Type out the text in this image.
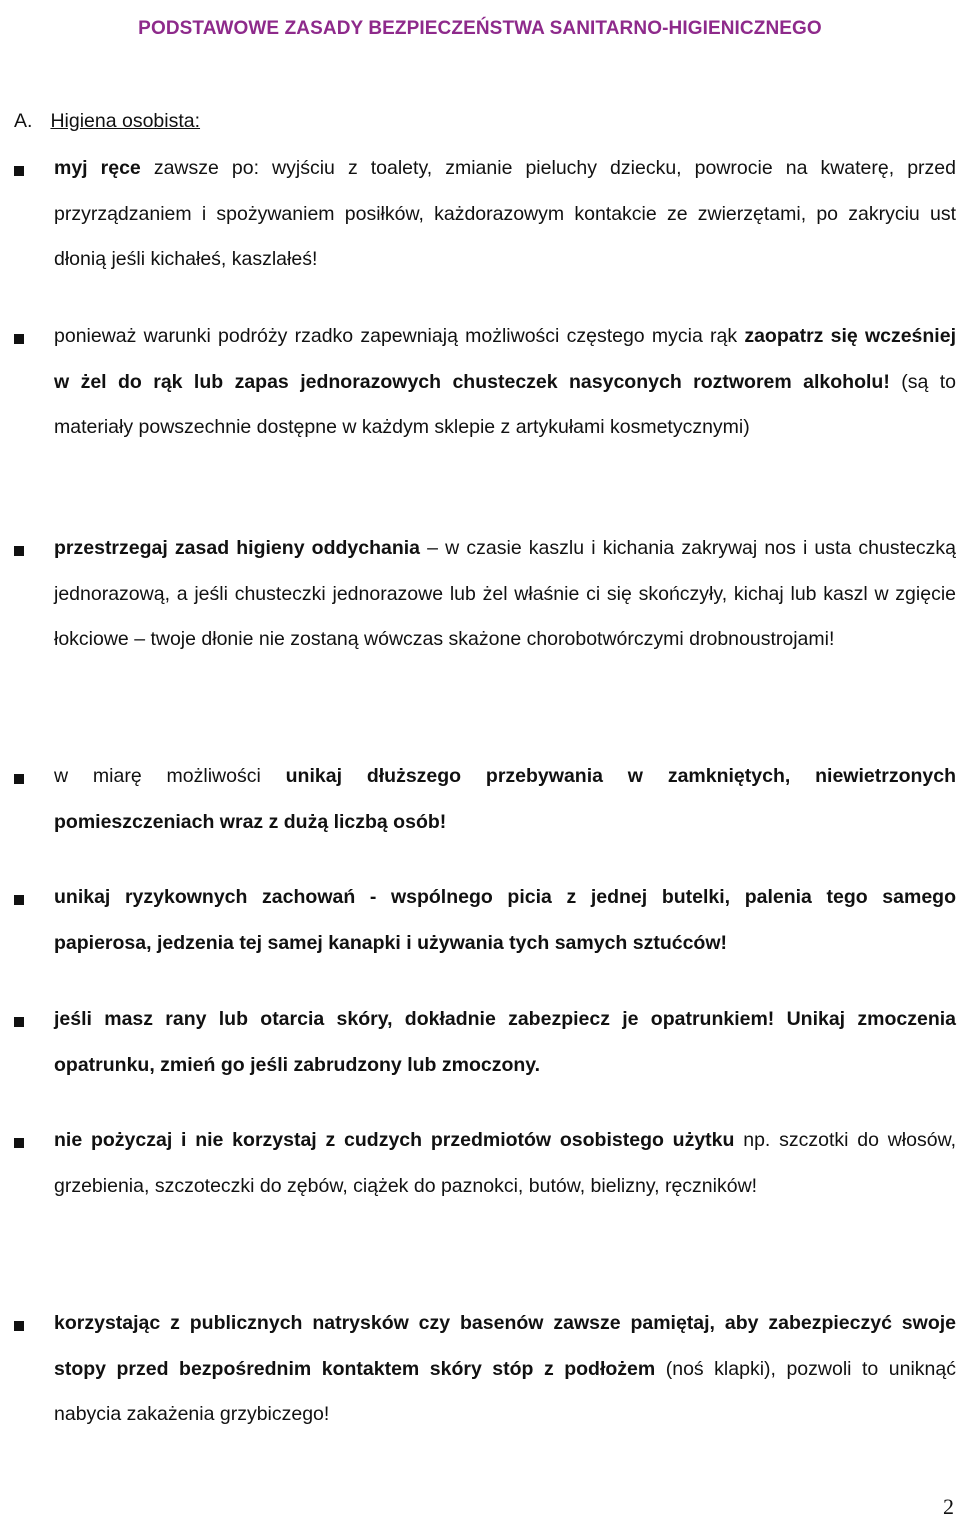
PODSTAWOWE ZASADY BEZPIECZEŃSTWA SANITARNO-HIGIENICZNEGO
A. Higiena osobista:
myj ręce zawsze po: wyjściu z toalety, zmianie pieluchy dziecku, powrocie na kwaterę, przed przyrządzaniem i spożywaniem posiłków, każdorazowym kontakcie ze zwierzętami, po zakryciu ust dłonią jeśli kichałeś, kaszlałeś!
ponieważ warunki podróży rzadko zapewniają możliwości częstego mycia rąk zaopatrz się wcześniej w żel do rąk lub zapas jednorazowych chusteczek nasyconych roztworem alkoholu! (są to materiały powszechnie dostępne w każdym sklepie z artykułami kosmetycznymi)
przestrzegaj zasad higieny oddychania – w czasie kaszlu i kichania zakrywaj nos i usta chusteczką jednorazową, a jeśli chusteczki jednorazowe lub żel właśnie ci się skończyły, kichaj lub kaszl w zgięcie łokciowe – twoje dłonie nie zostaną wówczas skażone chorobotwórczymi drobnoustrojami!
w miarę możliwości unikaj dłuższego przebywania w zamkniętych, niewietrzonych pomieszczeniach wraz z dużą liczbą osób!
unikaj ryzykownych zachowań - wspólnego picia z jednej butelki, palenia tego samego papierosa, jedzenia tej samej kanapki i używania tych samych sztućców!
jeśli masz rany lub otarcia skóry, dokładnie zabezpiecz je opatrunkiem! Unikaj zmoczenia opatrunku, zmień go jeśli zabrudzony lub zmoczony.
nie pożyczaj i nie korzystaj z cudzych przedmiotów osobistego użytku np. szczotki do włosów, grzebienia, szczoteczki do zębów, ciążek do paznokci, butów, bielizny, ręczników!
korzystając z publicznych natrysków czy basenów zawsze pamiętaj, aby zabezpieczyć swoje stopy przed bezpośrednim kontaktem skóry stóp z podłożem (noś klapki), pozwoli to uniknąć nabycia zakażenia grzybiczego!
2
